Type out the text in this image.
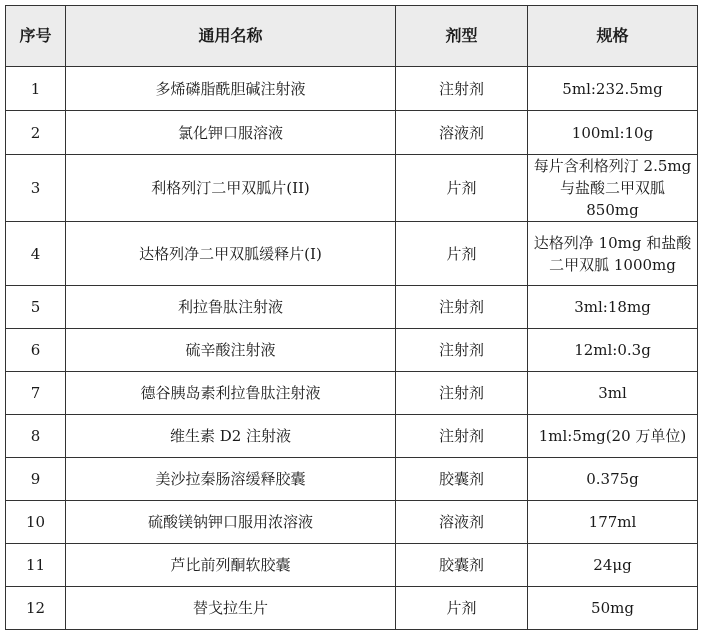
序号	通用名称	剂型	规格
1	多烯磷脂酰胆碱注射液	注射剂	5ml:232.5mg
2	氯化钾口服溶液	溶液剂	100ml:10g
3	利格列汀二甲双胍片(II)	片剂	每片含利格列汀 2.5mg
与盐酸二甲双胍 850mg

4	达格列净二甲双胍缓释片(I)	片剂	达格列净 10mg 和盐酸
二甲双胍 1000mg

5	利拉鲁肽注射液	注射剂	3ml:18mg
6	硫辛酸注射液	注射剂	12ml:0.3g
7	德谷胰岛素利拉鲁肽注射液	注射剂	3ml
8	维生素 D2 注射液	注射剂	1ml:5mg(20 万单位)
9	美沙拉秦肠溶缓释胶囊	胶囊剂	0.375g
10	硫酸镁钠钾口服用浓溶液	溶液剂	177ml
11	芦比前列酮软胶囊	胶囊剂	24μg
12	替戈拉生片	片剂	50mg
